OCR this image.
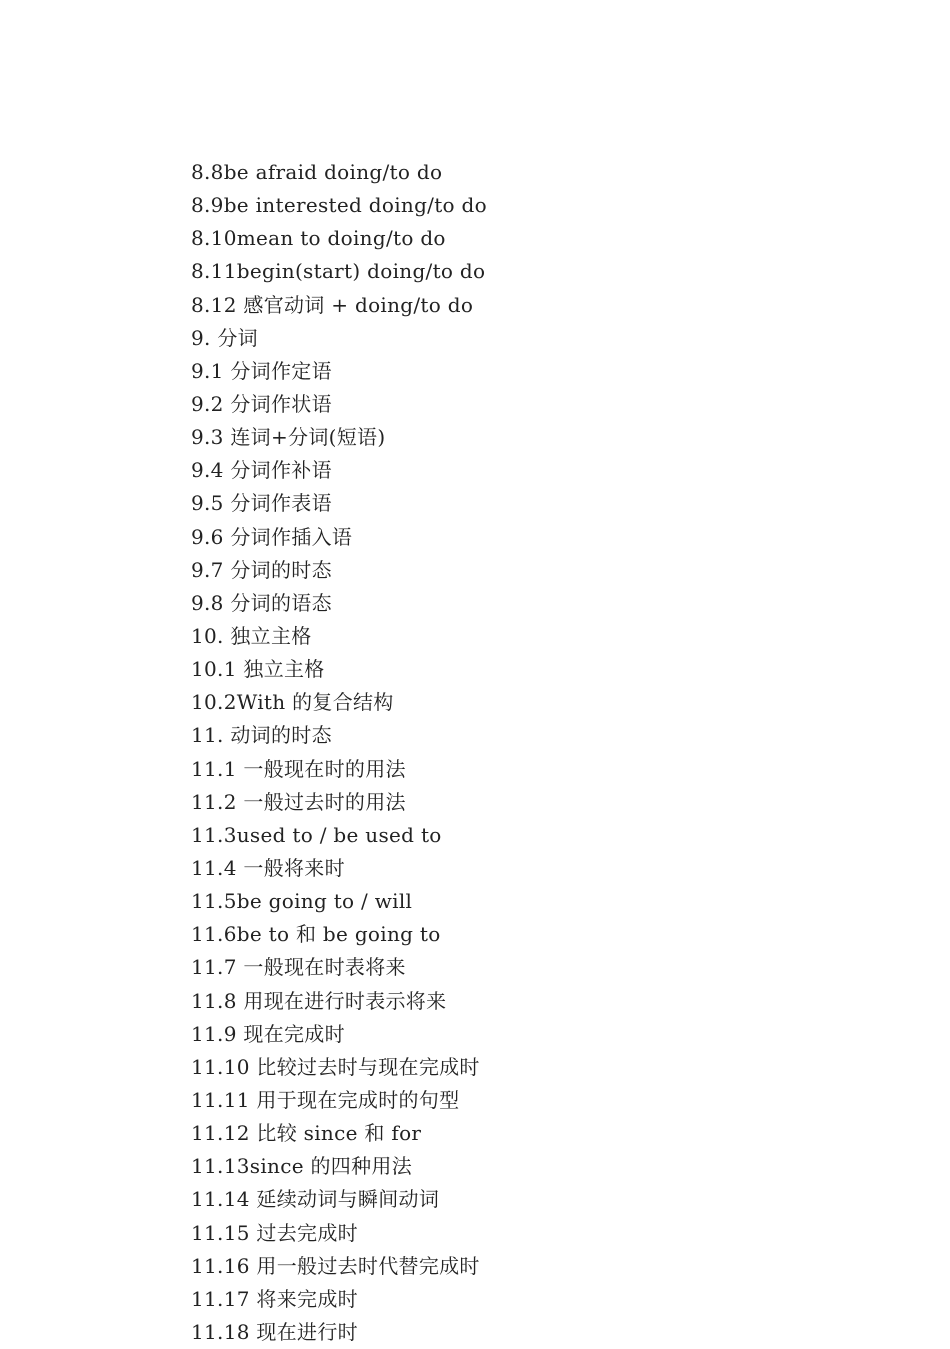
8.8be afraid doing/to do
8.9be interested doing/to do
8.10mean to doing/to do
8.11begin(start) doing/to do
8.12 感官动词 + doing/to do
9. 分词
9.1 分词作定语
9.2 分词作状语
9.3 连词+分词(短语)
9.4 分词作补语
9.5 分词作表语
9.6 分词作插入语
9.7 分词的时态
9.8 分词的语态
10. 独立主格
10.1 独立主格
10.2With 的复合结构
11. 动词的时态
11.1 一般现在时的用法
11.2 一般过去时的用法
11.3used to / be used to
11.4 一般将来时
11.5be going to / will
11.6be to 和 be going to
11.7 一般现在时表将来
11.8 用现在进行时表示将来
11.9 现在完成时
11.10 比较过去时与现在完成时
11.11 用于现在完成时的句型
11.12 比较 since 和 for
11.13since 的四种用法
11.14 延续动词与瞬间动词
11.15 过去完成时
11.16 用一般过去时代替完成时
11.17 将来完成时
11.18 现在进行时
